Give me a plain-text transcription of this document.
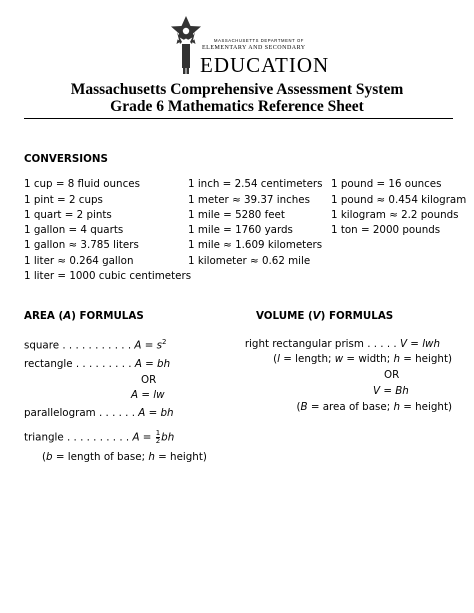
MASSACHUSETTS DEPARTMENT OF
ELEMENTARY AND SECONDARY
EDUCATION
Massachusetts Comprehensive Assessment System
Grade 6 Mathematics Reference Sheet
CONVERSIONS
1 cup = 8 fluid ounces
1 pint = 2 cups
1 quart = 2 pints
1 gallon = 4 quarts
1 gallon ≈ 3.785 liters
1 liter ≈ 0.264 gallon
1 liter = 1000 cubic centimeters
1 inch = 2.54 centimeters
1 meter ≈ 39.37 inches
1 mile = 5280 feet
1 mile = 1760 yards
1 mile ≈ 1.609 kilometers
1 kilometer ≈ 0.62 mile
1 pound = 16 ounces
1 pound ≈ 0.454 kilogram
1 kilogram ≈ 2.2 pounds
1 ton = 2000 pounds
AREA (A) FORMULAS
square . . . . . . . . . . . $A = s^2$
rectangle . . . . . . . . . A = bh
OR
A = lw
parallelogram . . . . . . A = bh
triangle . . . . . . . . . . $A = \frac{1}{2}$ bh
(b = length of base; h = height)
VOLUME (V) FORMULAS
right rectangular prism . . . . . V = lwh
(l = length; w = width; h = height)
OR
V = Bh
(B = area of base; h = height)
